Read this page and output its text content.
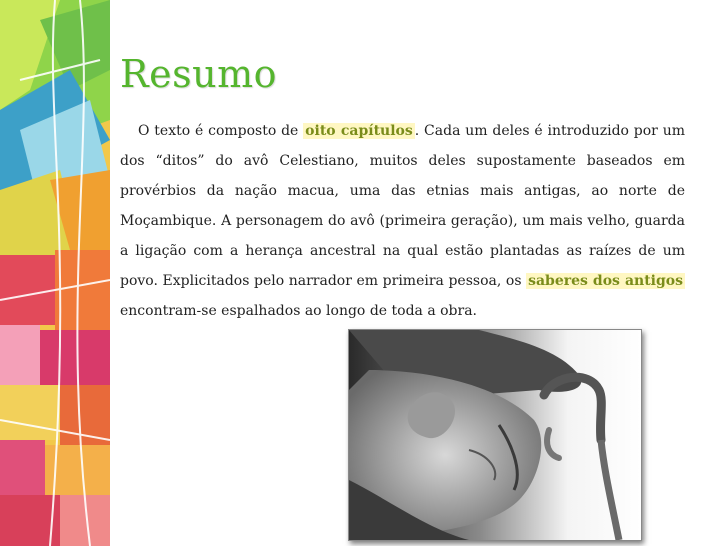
Resumo

O texto é composto de oito capítulos . Cada um deles é introduzido por um dos “ditos” do avô Celestiano, muitos deles supostamente baseados em provérbios da nação macua, uma das etnias mais antigas, ao norte de Moçambique. A personagem do avô (primeira geração), um mais velho, guarda a ligação com a herança ancestral na qual estão plantadas as raízes de um povo. Explicitados pelo narrador em primeira pessoa, os saberes dos antigos encontram-se espalhados ao longo de toda a obra.
